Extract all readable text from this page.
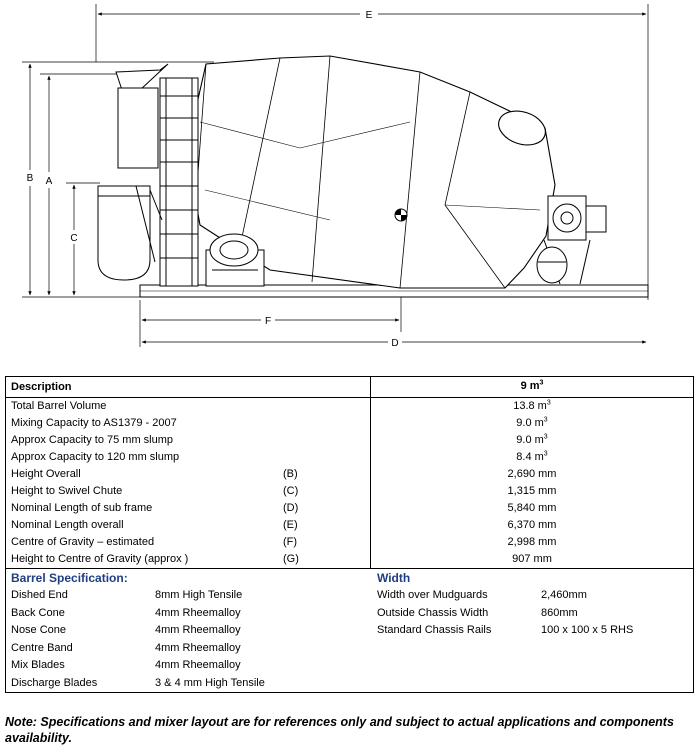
E
B A
C
F
D
Description	9 $m^3$
Total Barrel Volume	13.8 $m^3$
Mixing Capacity to AS1379 - 2007	9.0 $m^3$
Approx Capacity to 75 mm slump	9.0 $m^3$
Approx Capacity to 120 mm slump	8.4 $m^3$
Height Overall	(B)	2,690 mm
Height to Swivel Chute	(C)	1,315 mm
Nominal Length of sub frame	(D)	5,840 mm
Nominal Length overall	(E)	6,370 mm
Centre of Gravity – estimated	(F)	2,998 mm
Height to Centre of Gravity (approx )	(G)	907 mm
Barrel Specification:
Dished End	8mm High Tensile
Back Cone	4mm Rheemalloy
Nose Cone	4mm Rheemalloy
Centre Band	4mm Rheemalloy
Mix Blades	4mm Rheemalloy
Discharge Blades	3 & 4 mm High Tensile
Width
Width over Mudguards	2,460mm
Outside Chassis Width	860mm
Standard Chassis Rails	100 x 100 x 5 RHS
Note: Specifications and mixer layout are for references only and subject to actual applications and components availability.
